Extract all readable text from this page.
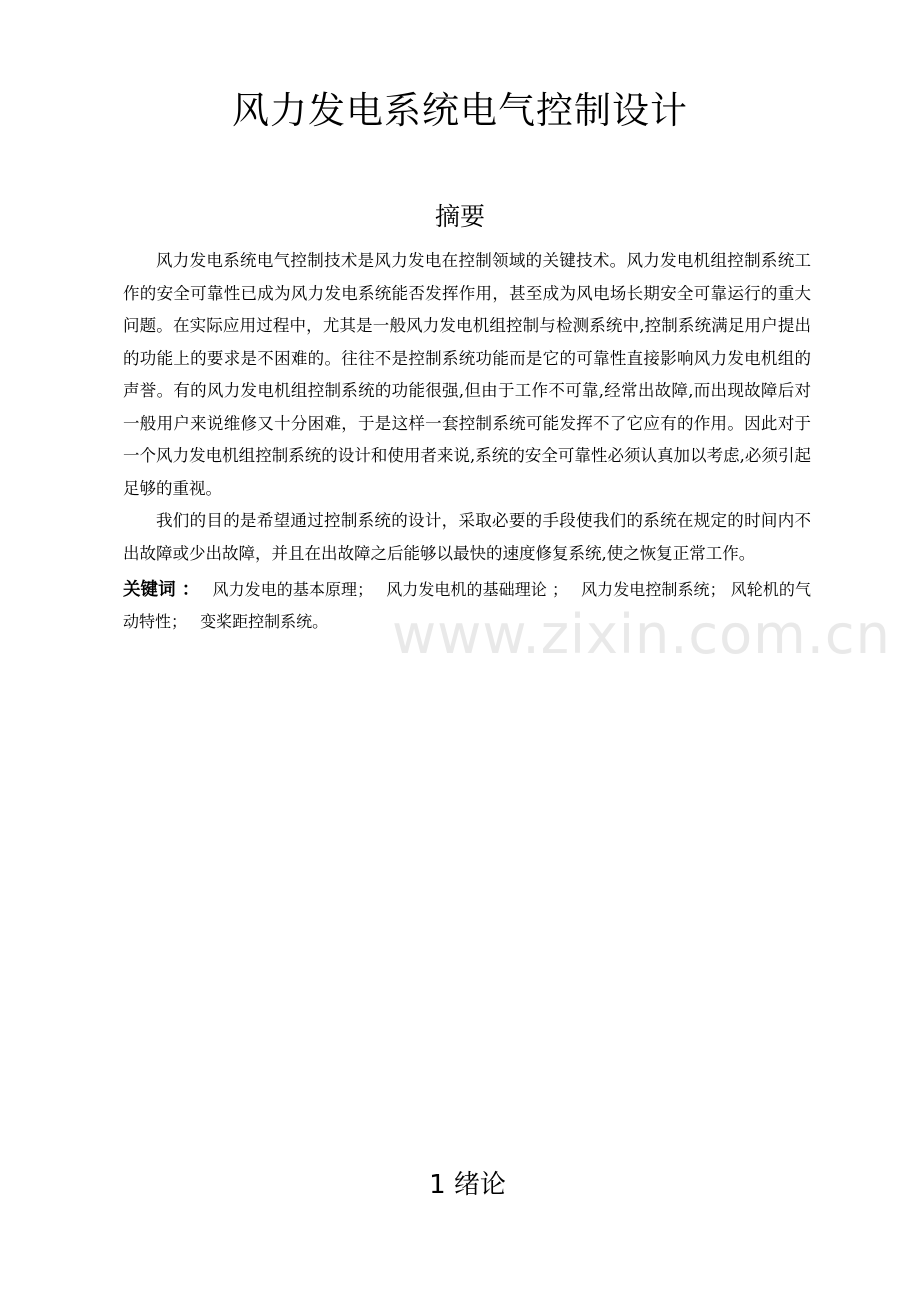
风力发电系统电气控制设计
摘要

风力发电系统电气控制技术是风力发电在控制领域的关键技术。风力发电机组控制系统工作的安全可靠性已成为风力发电系统能否发挥作用，甚至成为风电场长期安全可靠运行的重大问题。在实际应用过程中，尤其是一般风力发电机组控制与检测系统中,控制系统满足用户提出的功能上的要求是不困难的。往往不是控制系统功能而是它的可靠性直接影响风力发电机组的声誉。有的风力发电机组控制系统的功能很强,但由于工作不可靠,经常出故障,而出现故障后对一般用户来说维修又十分困难，于是这样一套控制系统可能发挥不了它应有的作用。因此对于一个风力发电机组控制系统的设计和使用者来说,系统的安全可靠性必须认真加以考虑,必须引起足够的重视。

我们的目的是希望通过控制系统的设计，采取必要的手段使我们的系统在规定的时间内不出故障或少出故障，并且在出故障之后能够以最快的速度修复系统,使之恢复正常工作。

关键词 ： 风力发电的基本原理； 风力发电机的基础理论 ； 风力发电控制系统； 风轮机的气动特性； 变桨距控制系统。	www.zixin.com.cn
1 绪论
